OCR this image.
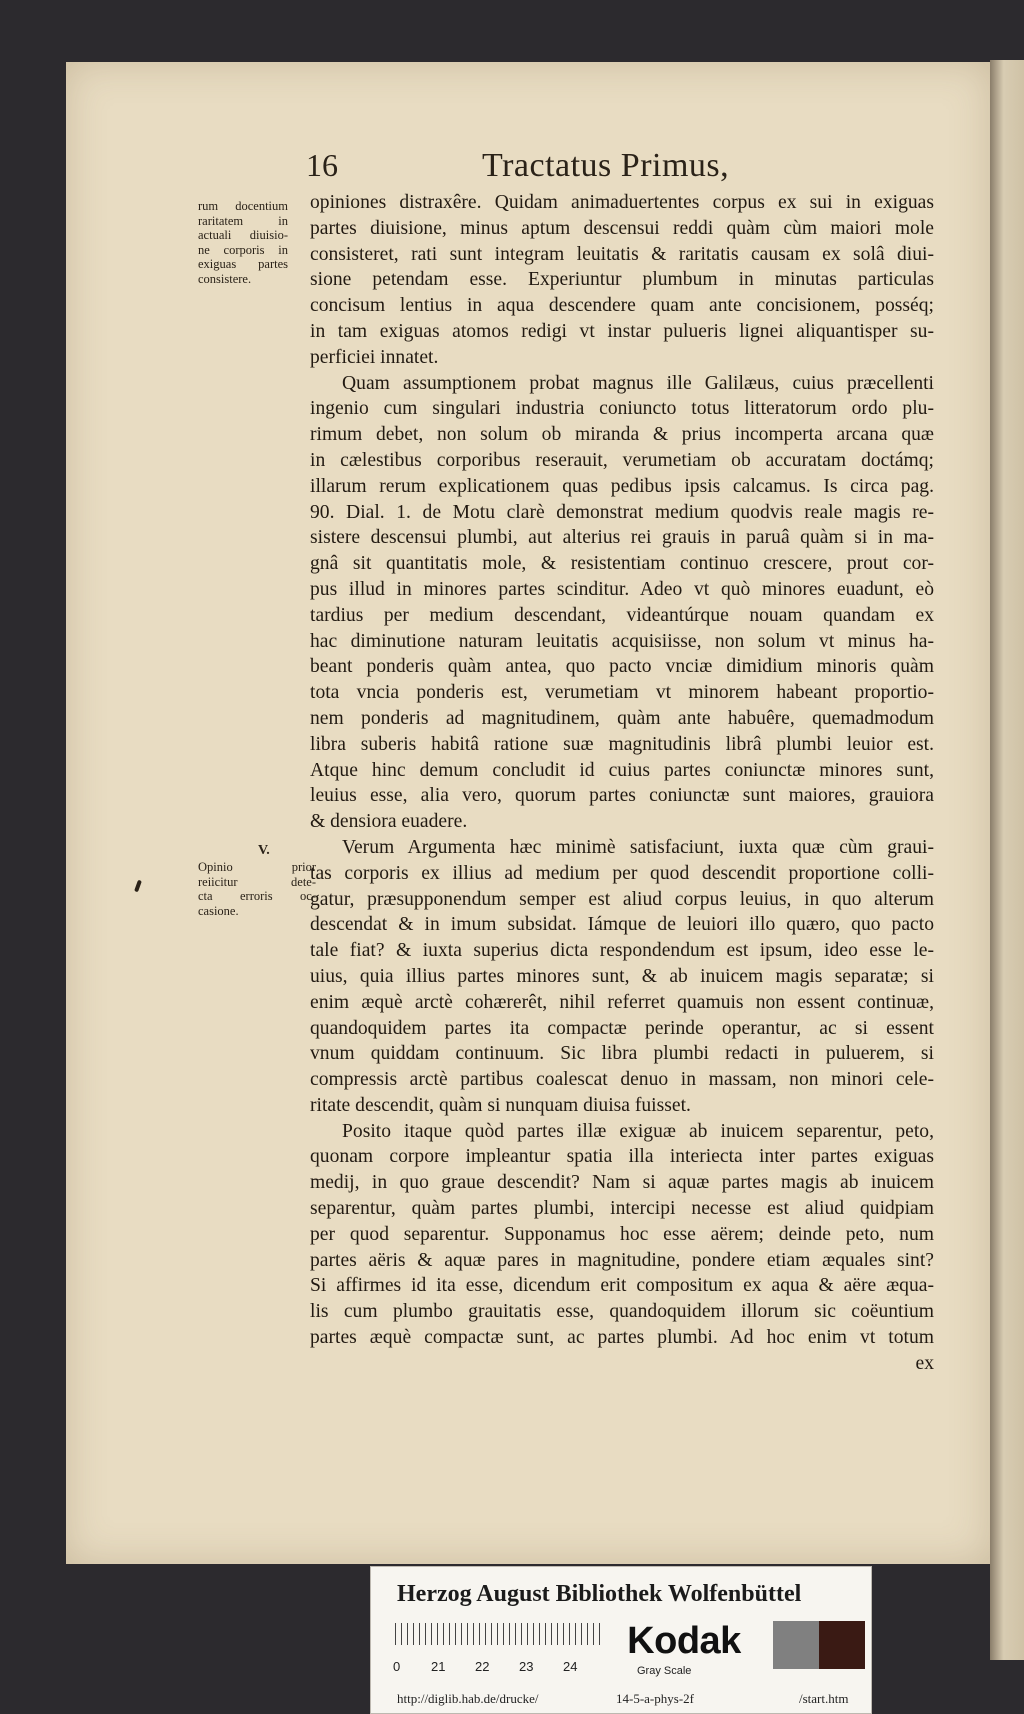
16	Tractatus Primus,
rum docentium
raritatem in
actuali diuisio-
ne corporis in
exiguas partes
consistere.
V.
Opinio prior
reiicitur dete-
cta erroris oc-
casione.
opiniones distraxêre. Quidam animaduertentes corpus ex sui in exiguas
partes diuisione, minus aptum descensui reddi quàm cùm maiori mole
consisteret, rati sunt integram leuitatis & raritatis causam ex solâ diui-
sione petendam esse. Experiuntur plumbum in minutas particulas
concisum lentius in aqua descendere quam ante concisionem, posséq;
in tam exiguas atomos redigi vt instar pulueris lignei aliquantisper su-
perficiei innatet.
Quam assumptionem probat magnus ille Galilæus, cuius præcellenti
ingenio cum singulari industria coniuncto totus litteratorum ordo plu-
rimum debet, non solum ob miranda & prius incomperta arcana quæ
in cælestibus corporibus reserauit, verumetiam ob accuratam doctámq;
illarum rerum explicationem quas pedibus ipsis calcamus. Is circa pag.
90. Dial. 1. de Motu clarè demonstrat medium quodvis reale magis re-
sistere descensui plumbi, aut alterius rei grauis in paruâ quàm si in ma-
gnâ sit quantitatis mole, & resistentiam continuo crescere, prout cor-
pus illud in minores partes scinditur. Adeo vt quò minores euadunt, eò
tardius per medium descendant, videantúrque nouam quandam ex
hac diminutione naturam leuitatis acquisiisse, non solum vt minus ha-
beant ponderis quàm antea, quo pacto vnciæ dimidium minoris quàm
tota vncia ponderis est, verumetiam vt minorem habeant proportio-
nem ponderis ad magnitudinem, quàm ante habuêre, quemadmodum
libra suberis habitâ ratione suæ magnitudinis librâ plumbi leuior est.
Atque hinc demum concludit id cuius partes coniunctæ minores sunt,
leuius esse, alia vero, quorum partes coniunctæ sunt maiores, grauiora
& densiora euadere.
Verum Argumenta hæc minimè satisfaciunt, iuxta quæ cùm graui-
tas corporis ex illius ad medium per quod descendit proportione colli-
gatur, præsupponendum semper est aliud corpus leuius, in quo alterum
descendat & in imum subsidat. Iámque de leuiori illo quæro, quo pacto
tale fiat? & iuxta superius dicta respondendum est ipsum, ideo esse le-
uius, quia illius partes minores sunt, & ab inuicem magis separatæ; si
enim æquè arctè cohærerêt, nihil referret quamuis non essent continuæ,
quandoquidem partes ita compactæ perinde operantur, ac si essent
vnum quiddam continuum. Sic libra plumbi redacti in puluerem, si
compressis arctè partibus coalescat denuo in massam, non minori cele-
ritate descendit, quàm si nunquam diuisa fuisset.
Posito itaque quòd partes illæ exiguæ ab inuicem separentur, peto,
quonam corpore impleantur spatia illa interiecta inter partes exiguas
medij, in quo graue descendit? Nam si aquæ partes magis ab inuicem
separentur, quàm partes plumbi, intercipi necesse est aliud quidpiam
per quod separentur. Supponamus hoc esse aërem; deinde peto, num
partes aëris & aquæ pares in magnitudine, pondere etiam æquales sint?
Si affirmes id ita esse, dicendum erit compositum ex aqua & aëre æqua-
lis cum plumbo grauitatis esse, quandoquidem illorum sic coëuntium
partes æquè compactæ sunt, ac partes plumbi. Ad hoc enim vt totum
ex
Herzog August Bibliothek Wolfenbüttel
0 21 22 23 24
Kodak
Gray Scale
http://diglib.hab.de/drucke/	14-5-a-phys-2f	/start.htm
